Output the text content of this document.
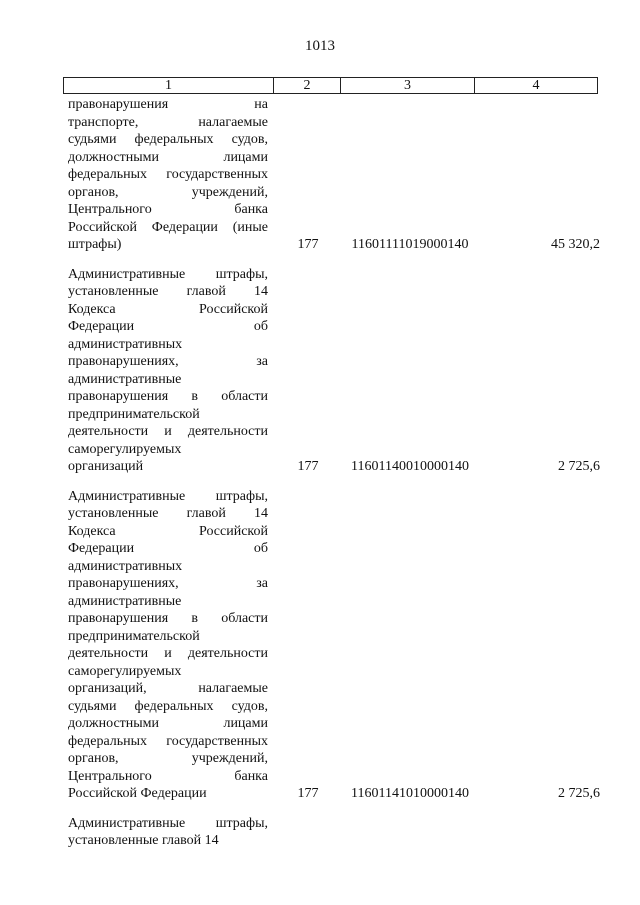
1013
1	2	3	4
правонарушения на
транспорте, налагаемые
судьями федеральных судов,
должностными лицами
федеральных государственных
органов, учреждений,
Центрального банка
Российской Федерации (иные
штрафы)	177	11601111019000140	45 320,2
Административные штрафы,
установленные главой 14
Кодекса Российской
Федерации об
административных
правонарушениях, за
административные
правонарушения в области
предпринимательской
деятельности и деятельности
саморегулируемых
организаций	177	11601140010000140	2 725,6
Административные штрафы,
установленные главой 14
Кодекса Российской
Федерации об
административных
правонарушениях, за
административные
правонарушения в области
предпринимательской
деятельности и деятельности
саморегулируемых
организаций, налагаемые
судьями федеральных судов,
должностными лицами
федеральных государственных
органов, учреждений,
Центрального банка
Российской Федерации	177	11601141010000140	2 725,6
Административные штрафы,
установленные главой 14
